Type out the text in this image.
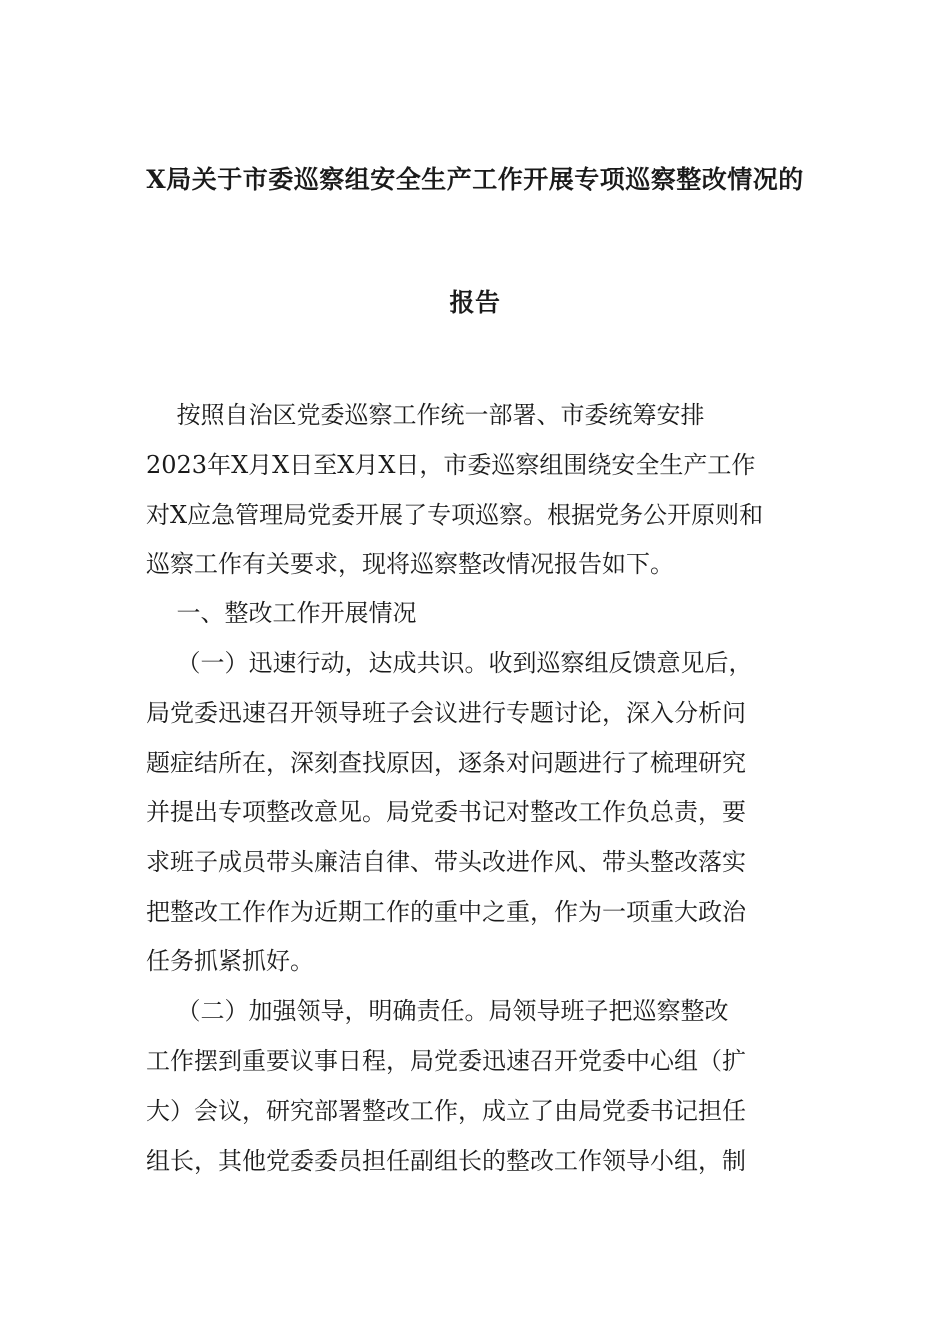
X局关于市委巡察组安全生产工作开展专项巡察整改情况的
报告
按照自治区党委巡察工作统一部署、市委统筹安排
2023年X月X日至X月X日，市委巡察组围绕安全生产工作
对X应急管理局党委开展了专项巡察。根据党务公开原则和
巡察工作有关要求，现将巡察整改情况报告如下。
一、整改工作开展情况
（一）迅速行动，达成共识。收到巡察组反馈意见后，
局党委迅速召开领导班子会议进行专题讨论，深入分析问
题症结所在，深刻查找原因，逐条对问题进行了梳理研究
并提出专项整改意见。局党委书记对整改工作负总责，要
求班子成员带头廉洁自律、带头改进作风、带头整改落实
把整改工作作为近期工作的重中之重，作为一项重大政治
任务抓紧抓好。
（二）加强领导，明确责任。局领导班子把巡察整改
工作摆到重要议事日程，局党委迅速召开党委中心组（扩
大）会议，研究部署整改工作，成立了由局党委书记担任
组长，其他党委委员担任副组长的整改工作领导小组，制
